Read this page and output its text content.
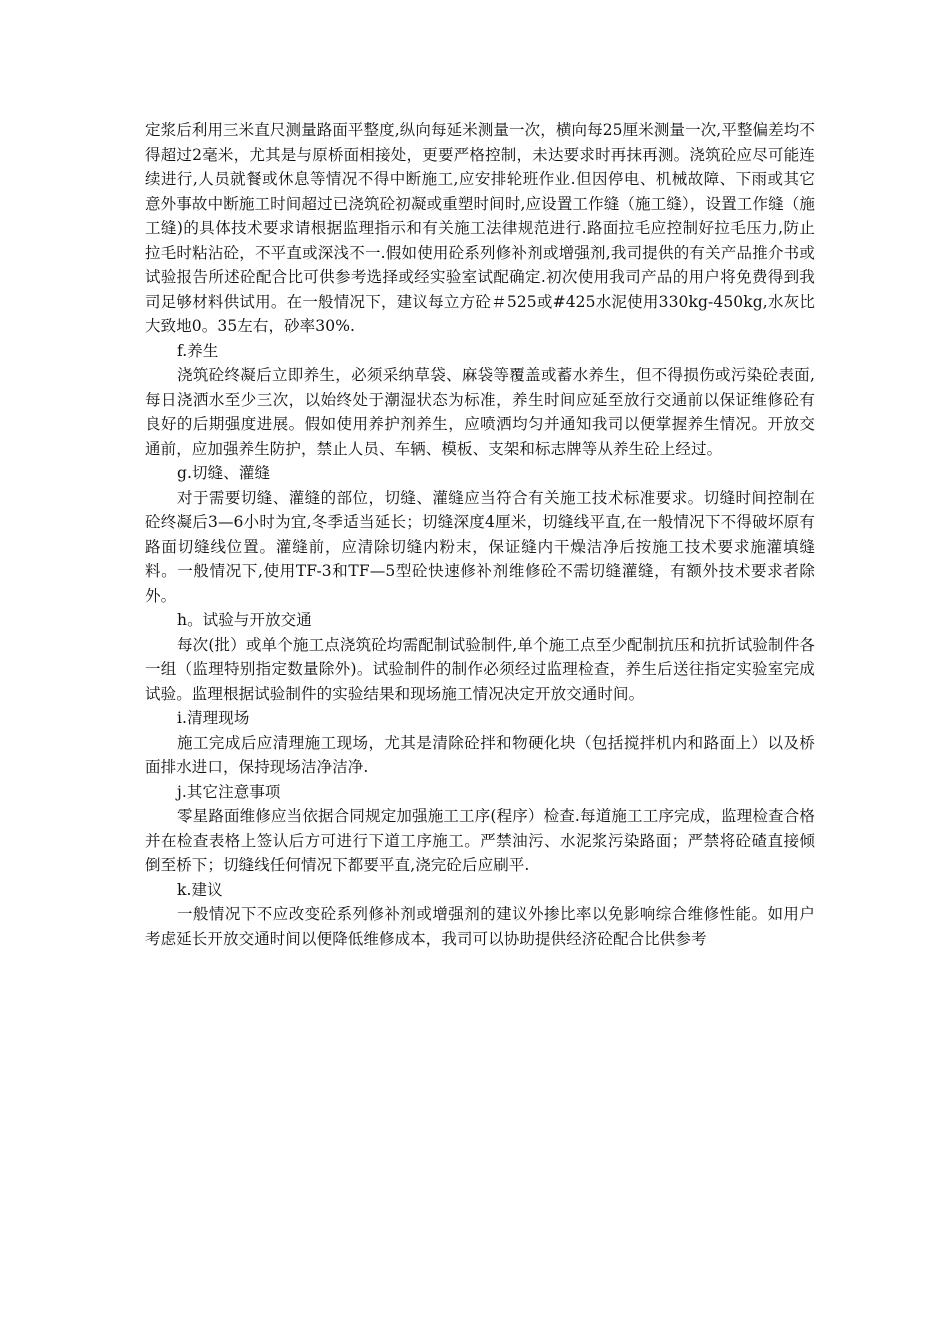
定浆后利用三米直尺测量路面平整度,纵向每延米测量一次，横向每25厘米测量一次,平整偏差均不得超过2毫米，尤其是与原桥面相接处，更要严格控制，未达要求时再抹再测。浇筑砼应尽可能连续进行,人员就餐或休息等情况不得中断施工,应安排轮班作业.但因停电、机械故障、下雨或其它意外事故中断施工时间超过已浇筑砼初凝或重塑时间时,应设置工作缝（施工缝），设置工作缝（施工缝)的具体技术要求请根据监理指示和有关施工法律规范进行.路面拉毛应控制好拉毛压力,防止拉毛时粘沾砼，不平直或深浅不一.假如使用砼系列修补剂或增强剂,我司提供的有关产品推介书或试验报告所述砼配合比可供参考选择或经实验室试配确定.初次使用我司产品的用户将免费得到我司足够材料供试用。在一般情况下，建议每立方砼＃525或#425水泥使用330kg-450kg,水灰比大致地0。35左右，砂率30%.

f.养生

浇筑砼终凝后立即养生，必须采纳草袋、麻袋等覆盖或蓄水养生，但不得损伤或污染砼表面,每日浇洒水至少三次，以始终处于潮湿状态为标准，养生时间应延至放行交通前以保证维修砼有良好的后期强度进展。假如使用养护剂养生，应喷洒均匀并通知我司以便掌握养生情况。开放交通前，应加强养生防护，禁止人员、车辆、模板、支架和标志牌等从养生砼上经过。

g.切缝、灌缝

对于需要切缝、灌缝的部位，切缝、灌缝应当符合有关施工技术标准要求。切缝时间控制在砼终凝后3—6小时为宜,冬季适当延长；切缝深度4厘米，切缝线平直,在一般情况下不得破坏原有路面切缝线位置。灌缝前，应清除切缝内粉末，保证缝内干燥洁净后按施工技术要求施灌填缝料。一般情况下,使用TF-3和TF—5型砼快速修补剂维修砼不需切缝灌缝，有额外技术要求者除外。

h。试验与开放交通

每次(批）或单个施工点浇筑砼均需配制试验制件,单个施工点至少配制抗压和抗折试验制件各一组（监理特别指定数量除外)。试验制件的制作必须经过监理检查，养生后送往指定实验室完成试验。监理根据试验制件的实验结果和现场施工情况决定开放交通时间。

i.清理现场

施工完成后应清理施工现场，尤其是清除砼拌和物硬化块（包括搅拌机内和路面上）以及桥面排水进口，保持现场洁净洁净.

j.其它注意事项

零星路面维修应当依据合同规定加强施工工序(程序）检查.每道施工工序完成，监理检查合格并在检查表格上签认后方可进行下道工序施工。严禁油污、水泥浆污染路面；严禁将砼碴直接倾倒至桥下；切缝线任何情况下都要平直,浇完砼后应刷平.

k.建议

一般情况下不应改变砼系列修补剂或增强剂的建议外掺比率以免影响综合维修性能。如用户考虑延长开放交通时间以便降低维修成本，我司可以协助提供经济砼配合比供参考
